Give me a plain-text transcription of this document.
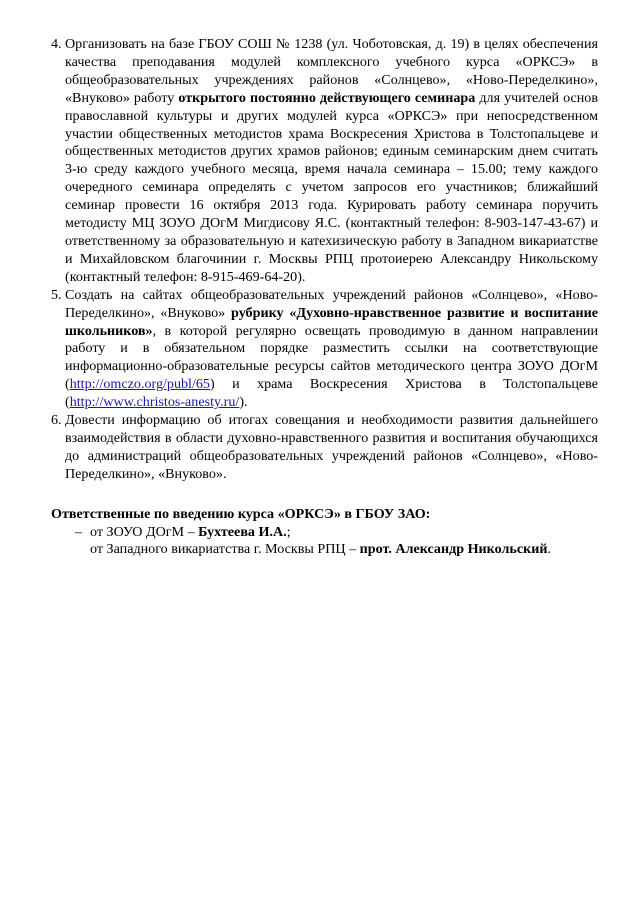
4. Организовать на базе ГБОУ СОШ № 1238 (ул. Чоботовская, д. 19) в целях обеспечения качества преподавания модулей комплексного учебного курса «ОРКСЭ» в общеобразовательных учреждениях районов «Солнцево», «Ново-Переделкино», «Внуково» работу открытого постоянно действующего семинара для учителей основ православной культуры и других модулей курса «ОРКСЭ» при непосредственном участии общественных методистов храма Воскресения Христова в Толстопальцеве и общественных методистов других храмов районов; единым семинарским днем считать 3-ю среду каждого учебного месяца, время начала семинара – 15.00; тему каждого очередного семинара определять с учетом запросов его участников; ближайший семинар провести 16 октября 2013 года. Курировать работу семинара поручить методисту МЦ ЗОУО ДОгМ Мигдисову Я.С. (контактный телефон: 8-903-147-43-67) и ответственному за образовательную и катехизическую работу в Западном викариатстве и Михайловском благочинии г. Москвы РПЦ протоиерею Александру Никольскому (контактный телефон: 8-915-469-64-20).

5. Создать на сайтах общеобразовательных учреждений районов «Солнцево», «Ново-Переделкино», «Внуково» рубрику «Духовно-нравственное развитие и воспитание школьников», в которой регулярно освещать проводимую в данном направлении работу и в обязательном порядке разместить ссылки на соответствующие информационно-образовательные ресурсы сайтов методического центра ЗОУО ДОгМ (http://omczo.org/publ/65) и храма Воскресения Христова в Толстопальцеве (http://www.christos-anesty.ru/).

6. Довести информацию об итогах совещания и необходимости развития дальнейшего взаимодействия в области духовно-нравственного развития и воспитания обучающихся до администраций общеобразовательных учреждений районов «Солнцево», «Ново-Переделкино», «Внуково».

Ответственные по введению курса «ОРКСЭ» в ГБОУ ЗАО:
– от ЗОУО ДОгМ – Бухтеева И.А.;
от Западного викариатства г. Москвы РПЦ – прот. Александр Никольский.
